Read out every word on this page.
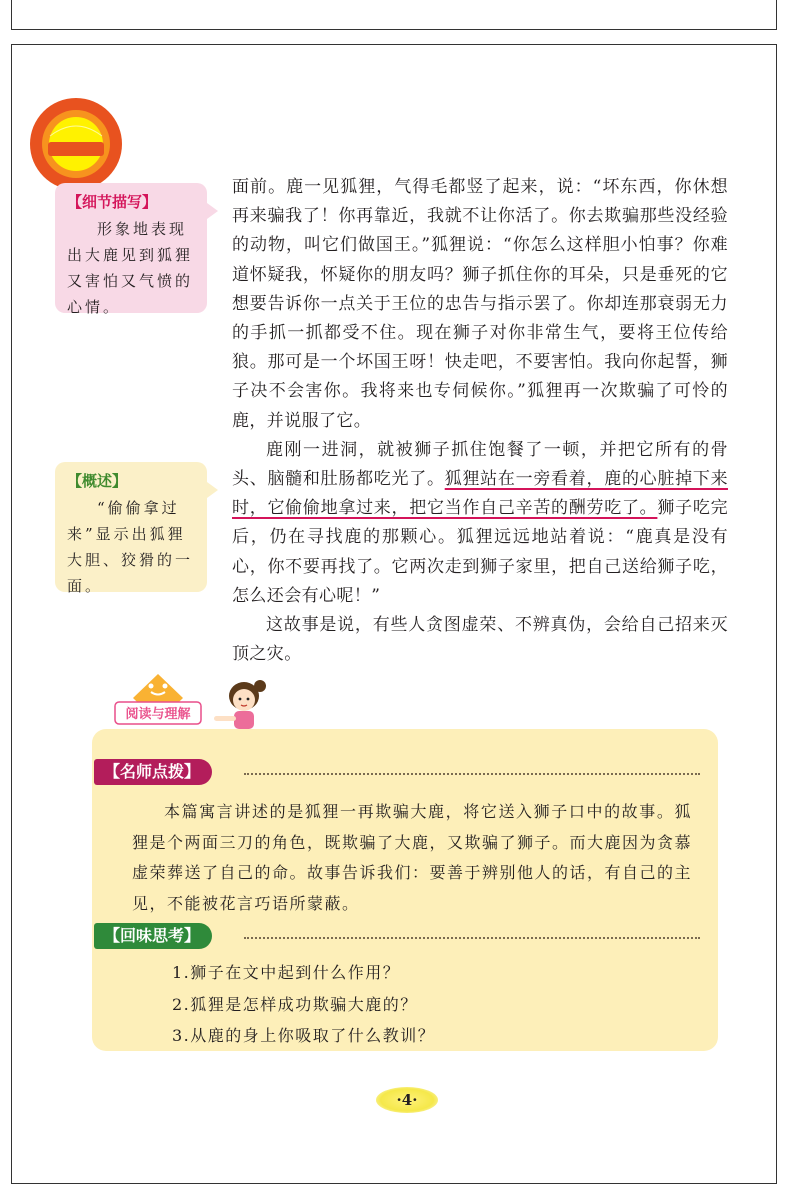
【细节描写】
形象地表现出大鹿见到狐狸又害怕又气愤的心情。
【概述】
“偷偷拿过来”显示出狐狸大胆、狡猾的一面。

面前。鹿一见狐狸，气得毛都竖了起来，说：“坏东西，你休想再来骗我了！你再靠近，我就不让你活了。你去欺骗那些没经验的动物，叫它们做国王。”狐狸说：“你怎么这样胆小怕事？你难道怀疑我，怀疑你的朋友吗？狮子抓住你的耳朵，只是垂死的它想要告诉你一点关于王位的忠告与指示罢了。你却连那衰弱无力的手抓一抓都受不住。现在狮子对你非常生气，要将王位传给狼。那可是一个坏国王呀！快走吧，不要害怕。我向你起誓，狮子决不会害你。我将来也专伺候你。”狐狸再一次欺骗了可怜的鹿，并说服了它。

鹿刚一进洞，就被狮子抓住饱餐了一顿，并把它所有的骨头、脑髓和肚肠都吃光了。狐狸站在一旁看着，鹿的心脏掉下来时，它偷偷地拿过来，把它当作自己辛苦的酬劳吃了。狮子吃完后，仍在寻找鹿的那颗心。狐狸远远地站着说：“鹿真是没有心，你不要再找了。它两次走到狮子家里，把自己送给狮子吃，怎么还会有心呢！”

这故事是说，有些人贪图虚荣、不辨真伪，会给自己招来灭顶之灾。

阅读与理解
【名师点拨】

本篇寓言讲述的是狐狸一再欺骗大鹿，将它送入狮子口中的故事。狐狸是个两面三刀的角色，既欺骗了大鹿，又欺骗了狮子。而大鹿因为贪慕虚荣葬送了自己的命。故事告诉我们：要善于辨别他人的话，有自己的主见，不能被花言巧语所蒙蔽。

【回味思考】
1.狮子在文中起到什么作用？
2.狐狸是怎样成功欺骗大鹿的？
3.从鹿的身上你吸取了什么教训？
·4·
